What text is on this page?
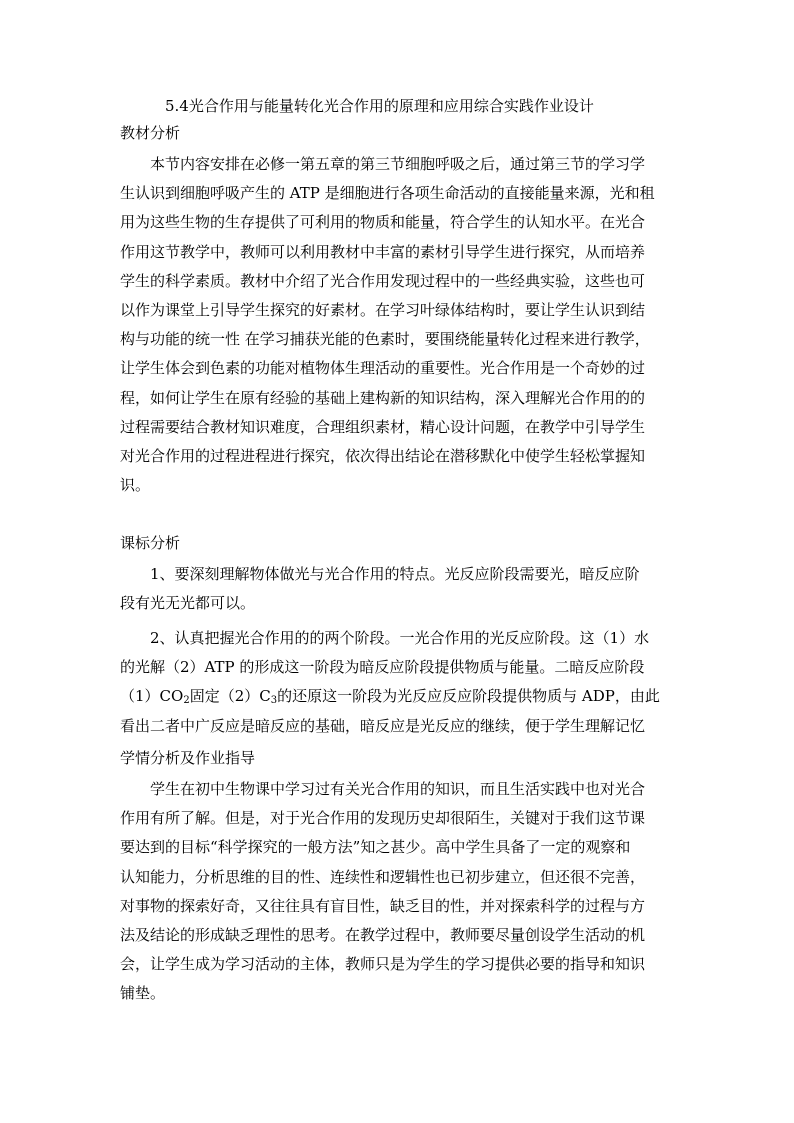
5.4光合作用与能量转化光合作用的原理和应用综合实践作业设计
教材分析
本节内容安排在必修一第五章的第三节细胞呼吸之后，通过第三节的学习学
生认识到细胞呼吸产生的 ATP 是细胞进行各项生命活动的直接能量来源，光和租
用为这些生物的生存提供了可利用的物质和能量，符合学生的认知水平。在光合
作用这节教学中，教师可以利用教材中丰富的素材引导学生进行探究，从而培养
学生的科学素质。教材中介绍了光合作用发现过程中的一些经典实验，这些也可
以作为课堂上引导学生探究的好素材。在学习叶绿体结构时，要让学生认识到结
构与功能的统一性 在学习捕获光能的色素时，要围绕能量转化过程来进行教学，
让学生体会到色素的功能对植物体生理活动的重要性。光合作用是一个奇妙的过
程，如何让学生在原有经验的基础上建构新的知识结构，深入理解光合作用的的
过程需要结合教材知识难度，合理组织素材，精心设计问题，在教学中引导学生
对光合作用的过程进程进行探究，依次得出结论在潜移默化中使学生轻松掌握知
识。
课标分析
1、要深刻理解物体做光与光合作用的特点。光反应阶段需要光，暗反应阶
段有光无光都可以。
2、认真把握光合作用的的两个阶段。一光合作用的光反应阶段。这（1）水
的光解（2）ATP 的形成这一阶段为暗反应阶段提供物质与能量。二暗反应阶段
$(1)CO_2$固定$(2)C_3$的还原这一阶段为光反应反应阶段提供物质与 ADP，由此
看出二者中广反应是暗反应的基础，暗反应是光反应的继续，便于学生理解记忆
学情分析及作业指导
学生在初中生物课中学习过有关光合作用的知识，而且生活实践中也对光合
作用有所了解。但是，对于光合作用的发现历史却很陌生，关键对于我们这节课
要达到的目标“科学探究的一般方法”知之甚少。高中学生具备了一定的观察和
认知能力，分析思维的目的性、连续性和逻辑性也已初步建立，但还很不完善，
对事物的探索好奇，又往往具有盲目性，缺乏目的性，并对探索科学的过程与方
法及结论的形成缺乏理性的思考。在教学过程中，教师要尽量创设学生活动的机
会，让学生成为学习活动的主体，教师只是为学生的学习提供必要的指导和知识
铺垫。
